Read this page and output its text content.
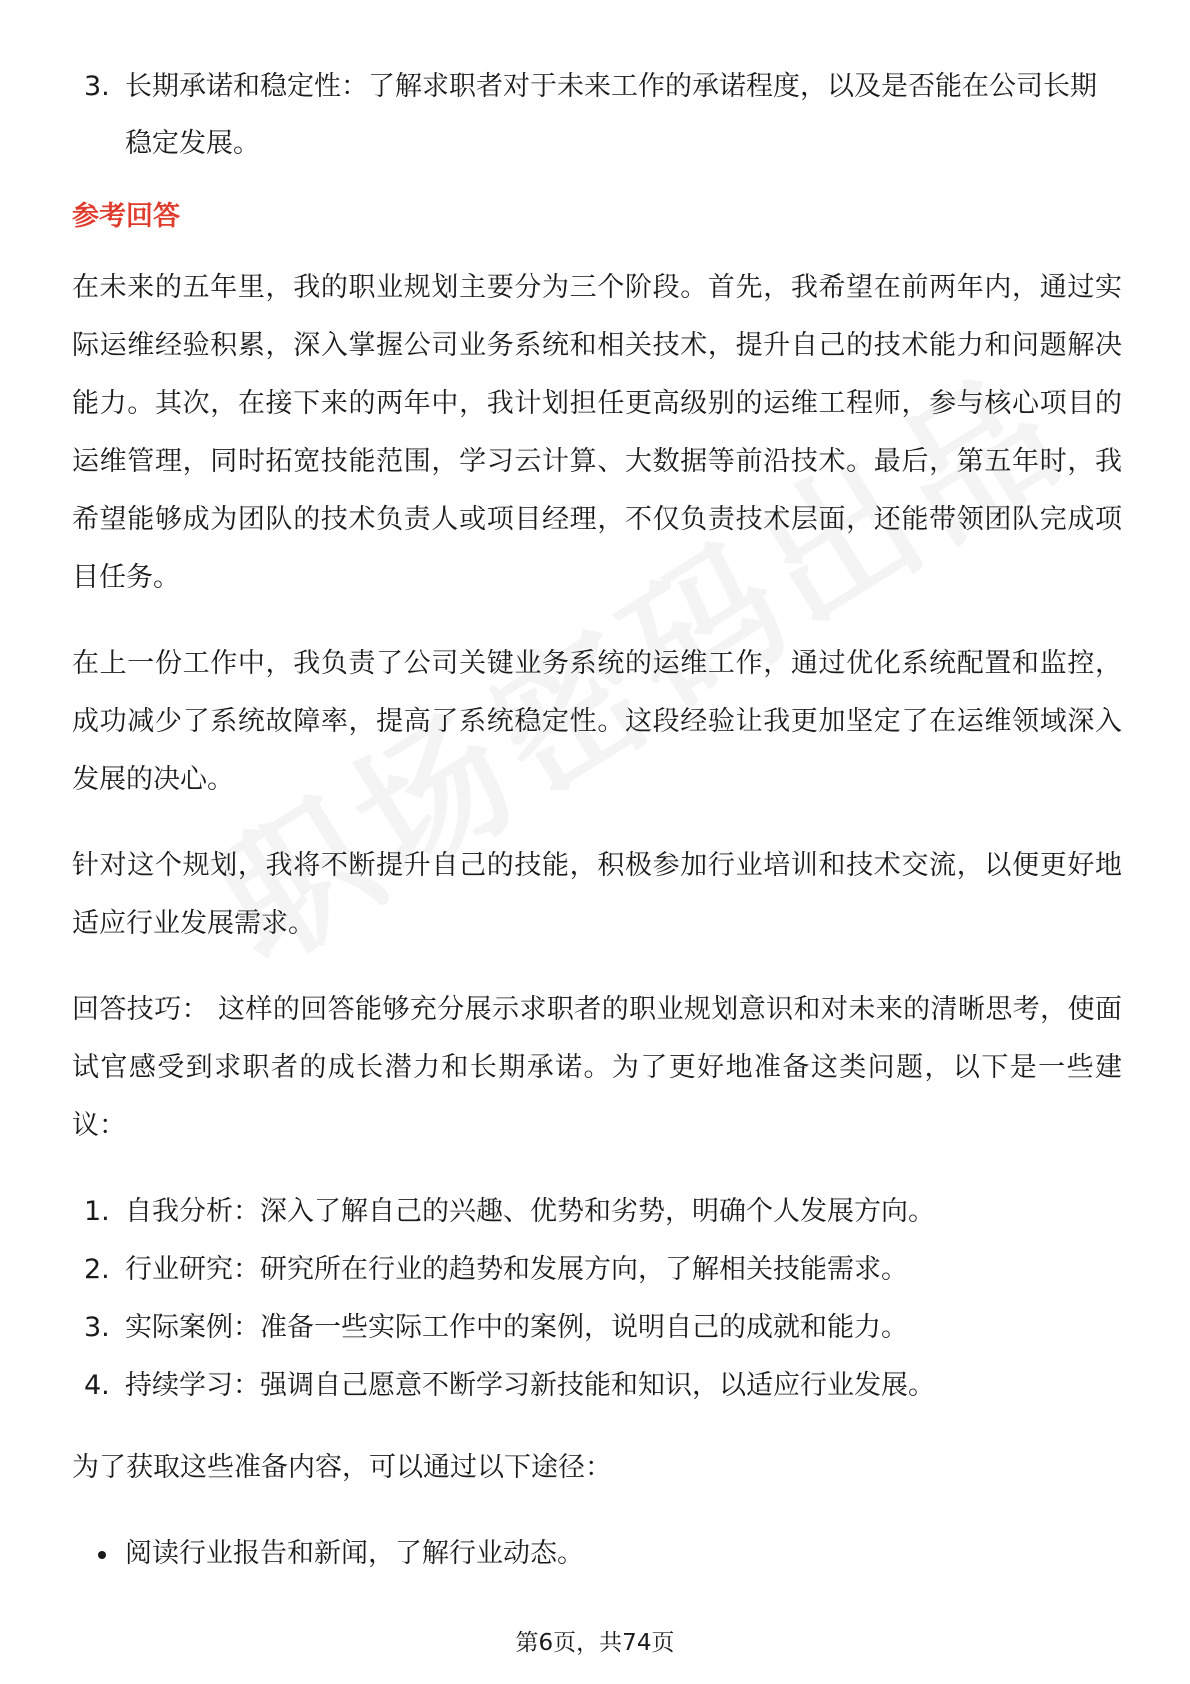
3. 长期承诺和稳定性：了解求职者对于未来工作的承诺程度，以及是否能在公司长期稳定发展。
参考回答

在未来的五年里，我的职业规划主要分为三个阶段。首先，我希望在前两年内，通过实际运维经验积累，深入掌握公司业务系统和相关技术，提升自己的技术能力和问题解决能力。其次，在接下来的两年中，我计划担任更高级别的运维工程师，参与核心项目的运维管理，同时拓宽技能范围，学习云计算、大数据等前沿技术。最后，第五年时，我希望能够成为团队的技术负责人或项目经理，不仅负责技术层面，还能带领团队完成项目任务。

在上一份工作中，我负责了公司关键业务系统的运维工作，通过优化系统配置和监控，成功减少了系统故障率，提高了系统稳定性。这段经验让我更加坚定了在运维领域深入发展的决心。

针对这个规划，我将不断提升自己的技能，积极参加行业培训和技术交流，以便更好地适应行业发展需求。

回答技巧： 这样的回答能够充分展示求职者的职业规划意识和对未来的清晰思考，使面试官感受到求职者的成长潜力和长期承诺。为了更好地准备这类问题，以下是一些建议：

1. 自我分析：深入了解自己的兴趣、优势和劣势，明确个人发展方向。
2. 行业研究：研究所在行业的趋势和发展方向，了解相关技能需求。
3. 实际案例：准备一些实际工作中的案例，说明自己的成就和能力。
4. 持续学习：强调自己愿意不断学习新技能和知识，以适应行业发展。

为了获取这些准备内容，可以通过以下途径：

阅读行业报告和新闻，了解行业动态。
第6页，共74页
